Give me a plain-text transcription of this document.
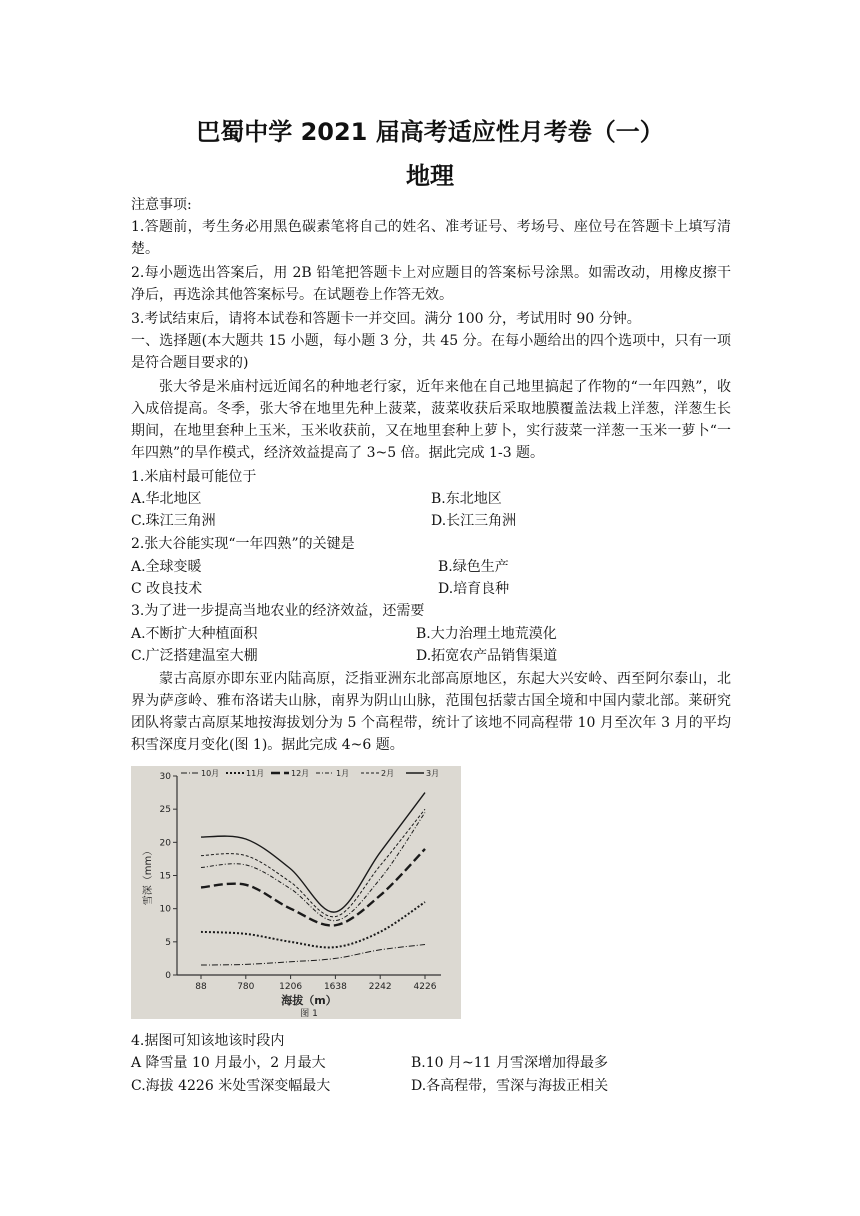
巴蜀中学 2021 届高考适应性月考卷（一）
地理
注意事项:
1.答题前，考生务必用黑色碳素笔将自己的姓名、准考证号、考场号、座位号在答题卡上填写清楚。
2.每小题选出答案后，用 2B 铅笔把答题卡上对应题目的答案标号涂黑。如需改动，用橡皮擦干净后，再选涂其他答案标号。在试题卷上作答无效。
3.考试结束后，请将本试卷和答题卡一并交回。满分 100 分，考试用时 90 分钟。
一、选择题(本大题共 15 小题，每小题 3 分，共 45 分。在每小题给出的四个选项中，只有一项是符合题目要求的)
张大爷是米庙村远近闻名的种地老行家，近年来他在自己地里搞起了作物的“一年四熟”，收入成倍提高。冬季，张大爷在地里先种上菠菜，菠菜收获后采取地膜覆盖法栽上洋葱，洋葱生长期间，在地里套种上玉米，玉米收获前，又在地里套种上萝卜，实行菠菜一洋葱一玉米一萝卜“一年四熟”的旱作模式，经济效益提高了 3~5 倍。据此完成 1-3 题。
1.米庙村最可能位于
A.华北地区	B.东北地区
C.珠江三角洲	D.长江三角洲
2.张大谷能实现“一年四熟”的关键是
A.全球变暖	B.绿色生产
C 改良技术	D.培育良种
3.为了进一步提高当地农业的经济效益，还需要
A.不断扩大种植面积	B.大力治理土地荒漠化
C.广泛搭建温室大棚	D.拓宽农产品销售渠道
蒙古高原亦即东亚内陆高原，泛指亚洲东北部高原地区，东起大兴安岭、西至阿尔泰山，北界为萨彦岭、雅布洛诺夫山脉，南界为阴山山脉，范围包括蒙古国全境和中国内蒙北部。莱研究团队将蒙古高原某地按海拔划分为 5 个高程带，统计了该地不同高程带 10 月至次年 3 月的平均积雪深度月变化(图 1)。据此完成 4~6 题。
0
5
10
15
20
25
30
88	780	1206 1638 2242 4226
海拔（m）
图 1
雪深（mm）
10月	11月	12月	1月	2月	3月
4.据图可知该地该时段内
A 降雪量 10 月最小，2 月最大	B.10 月~11 月雪深增加得最多
C.海拔 4226 米处雪深变幅最大	D.各高程带，雪深与海拔正相关
